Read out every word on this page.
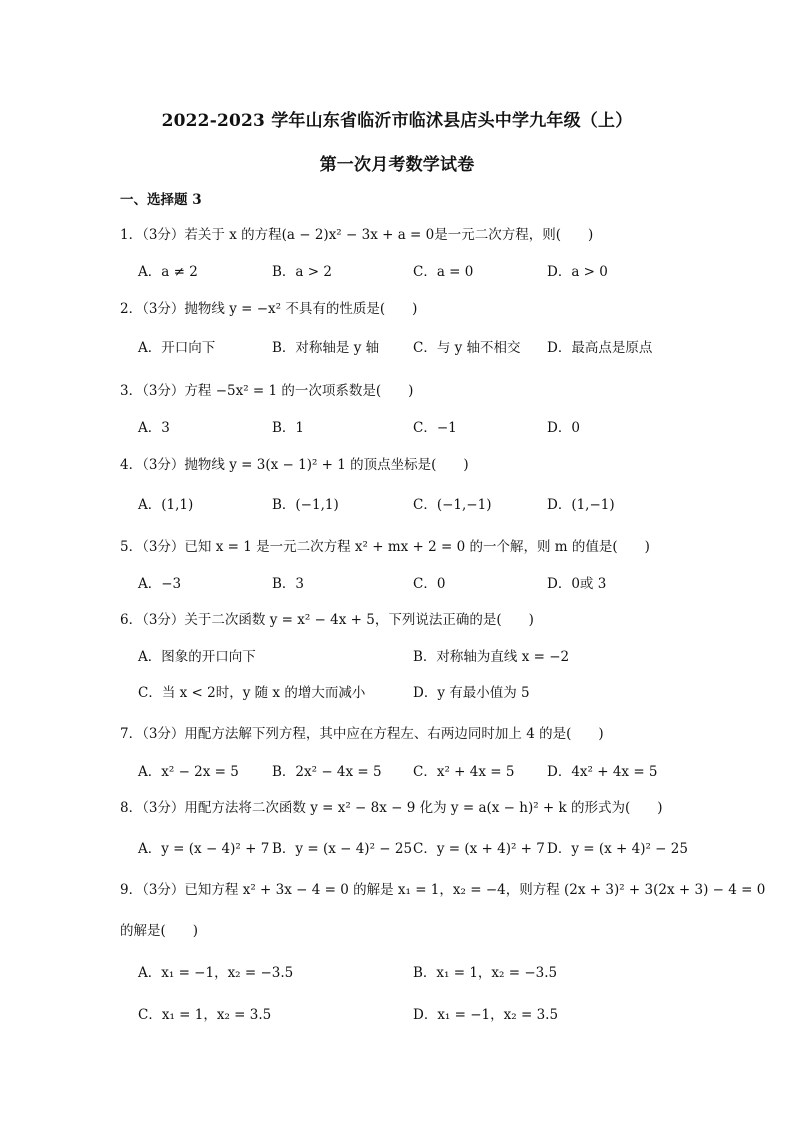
2022-2023 学年山东省临沂市临沭县店头中学九年级（上）
第一次月考数学试卷
一、选择题 3
1．（3分）若关于 x 的方程(a − 2)x² − 3x + a = 0是一元二次方程，则(　　)
A．a ≠ 2	B．a > 2	C．a = 0	D．a > 0
2．（3分）抛物线 y = −x² 不具有的性质是(　　)
A．开口向下	B．对称轴是 y 轴	C．与 y 轴不相交 D．最高点是原点
3．（3分）方程 −5x² = 1 的一次项系数是(　　)
A．3	B．1	C．−1	D．0
4．（3分）抛物线 y = 3(x − 1)² + 1 的顶点坐标是(　　)
A．(1,1)	B．(−1,1)	C．(−1,−1)	D．(1,−1)
5．（3分）已知 x = 1 是一元二次方程 x² + mx + 2 = 0 的一个解，则 m 的值是(　　)
A．−3	B．3	C．0	D．0或 3
6．（3分）关于二次函数 y = x² − 4x + 5，下列说法正确的是(　　)
A．图象的开口向下	B．对称轴为直线 x = −2
C．当 x < 2时，y 随 x 的增大而减小	D．y 有最小值为 5
7．（3分）用配方法解下列方程，其中应在方程左、右两边同时加上 4 的是(　　)
A．x² − 2x = 5 B．2x² − 4x = 5 C．x² + 4x = 5 D．4x² + 4x = 5
8．（3分）用配方法将二次函数 y = x² − 8x − 9 化为 y = a(x − h)² + k 的形式为(　　)
A．y = (x − 4)² + 7 B．y = (x − 4)² − 25 C．y = (x + 4)² + 7 D．y = (x + 4)² − 25
9．（3分）已知方程 x² + 3x − 4 = 0 的解是 x₁ = 1，x₂ = −4，则方程 (2x + 3)² + 3(2x + 3) − 4 = 0
的解是(　　)
A．x₁ = −1，x₂ = −3.5	B．x₁ = 1，x₂ = −3.5
C．x₁ = 1，x₂ = 3.5	D．x₁ = −1，x₂ = 3.5
